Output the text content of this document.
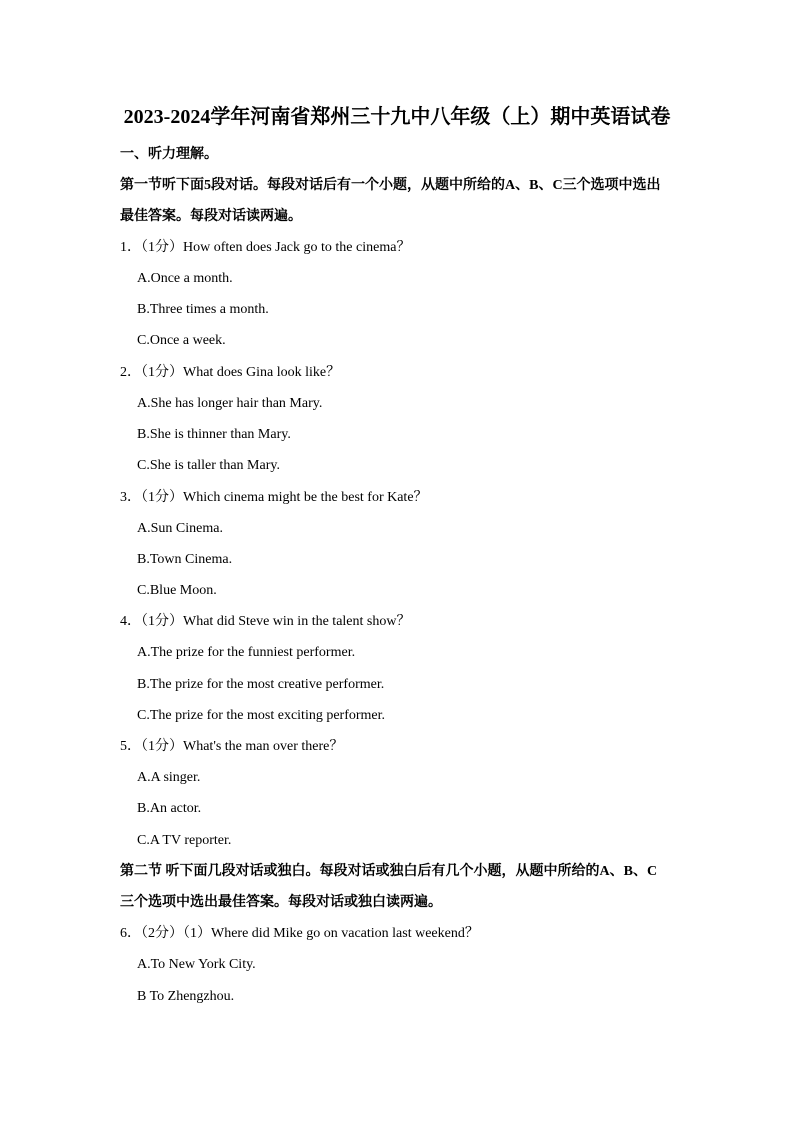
2023-2024学年河南省郑州三十九中八年级（上）期中英语试卷
一、听力理解。
第一节听下面5段对话。每段对话后有一个小题，从题中所给的A、B、C三个选项中选出
最佳答案。每段对话读两遍。
1．（1分）How often does Jack go to the cinema？
A.Once a month.
B.Three times a month.
C.Once a week.
2．（1分）What does Gina look like？
A.She has longer hair than Mary.
B.She is thinner than Mary.
C.She is taller than Mary.
3．（1分）Which cinema might be the best for Kate？
A.Sun Cinema.
B.Town Cinema.
C.Blue Moon.
4．（1分）What did Steve win in the talent show？
A.The prize for the funniest performer.
B.The prize for the most creative performer.
C.The prize for the most exciting performer.
5．（1分）What's the man over there？
A.A singer.
B.An actor.
C.A TV reporter.
第二节 听下面几段对话或独白。每段对话或独白后有几个小题，从题中所给的A、B、C
三个选项中选出最佳答案。每段对话或独白读两遍。
6．（2分）（1）Where did Mike go on vacation last weekend？
A.To New York City.
B To Zhengzhou.
